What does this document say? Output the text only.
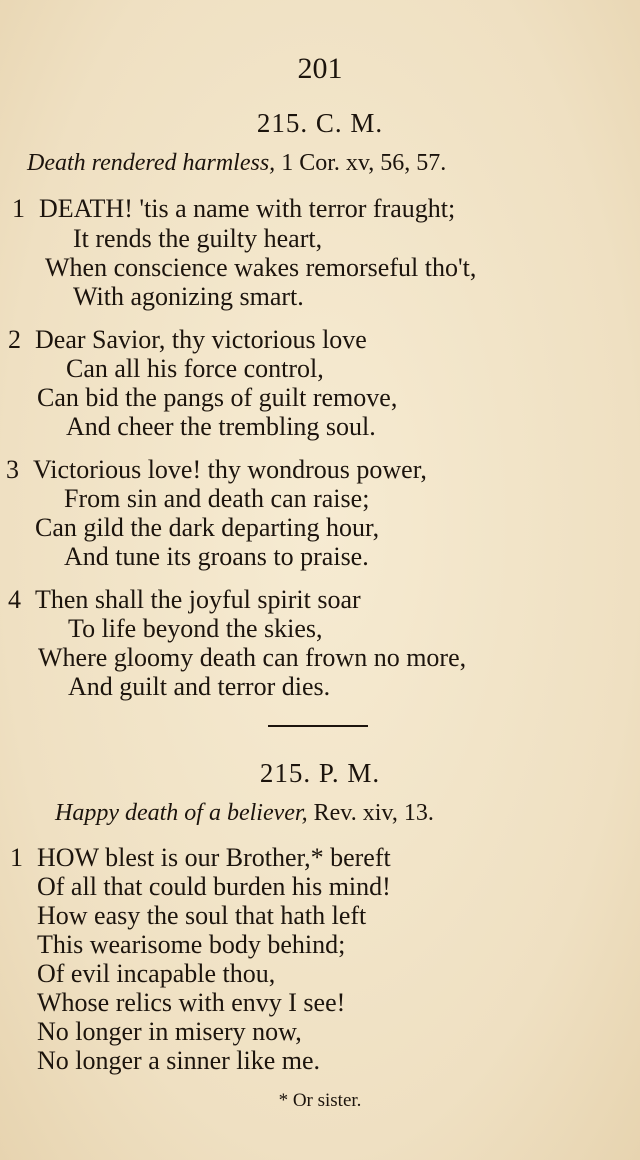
201
215. C. M.
Death rendered harmless, 1 Cor. xv, 56, 57.
1 DEATH! 'tis a name with terror fraught;
It rends the guilty heart,
When conscience wakes remorseful tho't,
With agonizing smart.
2 Dear Savior, thy victorious love
Can all his force control,
Can bid the pangs of guilt remove,
And cheer the trembling soul.
3 Victorious love! thy wondrous power,
From sin and death can raise;
Can gild the dark departing hour,
And tune its groans to praise.
4 Then shall the joyful spirit soar
To life beyond the skies,
Where gloomy death can frown no more,
And guilt and terror dies.
215. P. M.
Happy death of a believer, Rev. xiv, 13.
1 HOW blest is our Brother,* bereft
Of all that could burden his mind!
How easy the soul that hath left
This wearisome body behind;
Of evil incapable thou,
Whose relics with envy I see!
No longer in misery now,
No longer a sinner like me.
* Or sister.
